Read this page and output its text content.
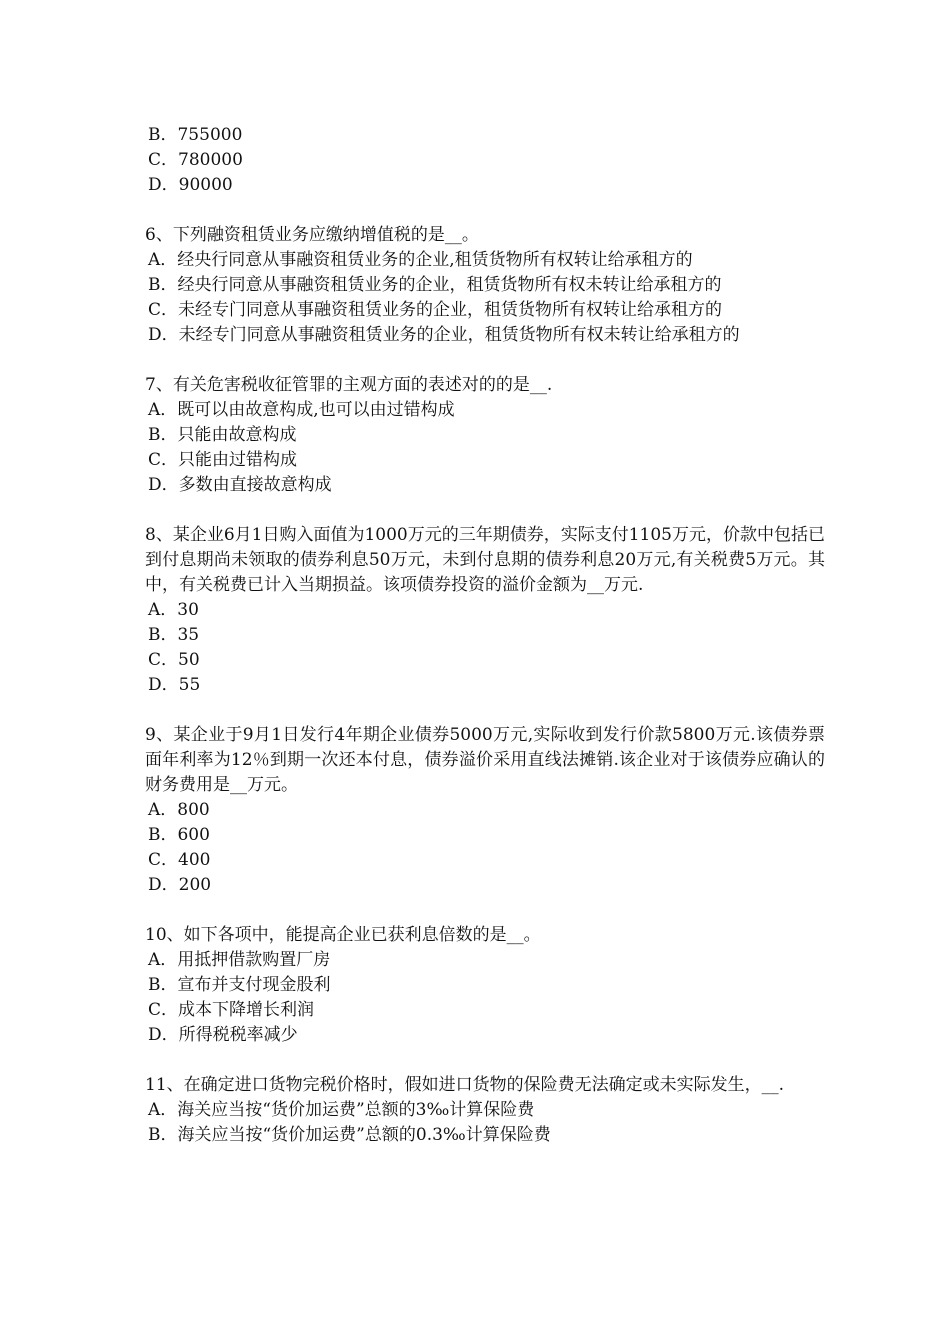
B．755000

C．780000

D．90000

6、下列融资租赁业务应缴纳增值税的是__。

A．经央行同意从事融资租赁业务的企业,租赁货物所有权转让给承租方的

B．经央行同意从事融资租赁业务的企业，租赁货物所有权未转让给承租方的

C．未经专门同意从事融资租赁业务的企业，租赁货物所有权转让给承租方的

D．未经专门同意从事融资租赁业务的企业，租赁货物所有权未转让给承租方的

7、有关危害税收征管罪的主观方面的表述对的的是__.

A．既可以由故意构成,也可以由过错构成

B．只能由故意构成

C．只能由过错构成

D．多数由直接故意构成

8、某企业6月1日购入面值为1000万元的三年期债券，实际支付1105万元，价款中包括已到付息期尚未领取的债券利息50万元，未到付息期的债券利息20万元,有关税费5万元。其中，有关税费已计入当期损益。该项债券投资的溢价金额为__万元.

A．30

B．35

C．50

D．55

9、某企业于9月1日发行4年期企业债券5000万元,实际收到发行价款5800万元.该债券票面年利率为12％到期一次还本付息，债券溢价采用直线法摊销.该企业对于该债券应确认的财务费用是__万元。

A．800

B．600

C．400

D．200

10、如下各项中，能提高企业已获利息倍数的是__。

A．用抵押借款购置厂房

B．宣布并支付现金股利

C．成本下降增长利润

D．所得税税率减少

11、在确定进口货物完税价格时，假如进口货物的保险费无法确定或未实际发生，__.

A．海关应当按“货价加运费”总额的3‰计算保险费

B．海关应当按“货价加运费”总额的0.3‰计算保险费
